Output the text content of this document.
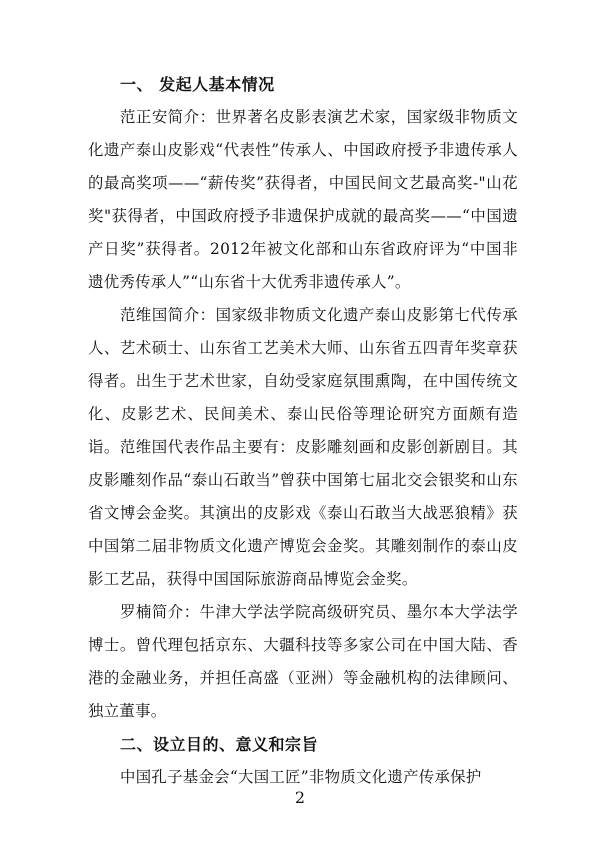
一、 发起人基本情况

范正安简介：世界著名皮影表演艺术家，国家级非物质文化遗产泰山皮影戏“代表性”传承人、中国政府授予非遗传承人的最高奖项——“薪传奖”获得者，中国民间文艺最高奖-"山花奖"获得者，中国政府授予非遗保护成就的最高奖——“中国遗产日奖”获得者。2012年被文化部和山东省政府评为“中国非遗优秀传承人”“山东省十大优秀非遗传承人”。

范维国简介：国家级非物质文化遗产泰山皮影第七代传承人、艺术硕士、山东省工艺美术大师、山东省五四青年奖章获得者。出生于艺术世家，自幼受家庭氛围熏陶，在中国传统文化、皮影艺术、民间美术、泰山民俗等理论研究方面颇有造诣。范维国代表作品主要有：皮影雕刻画和皮影创新剧目。其皮影雕刻作品“泰山石敢当”曾获中国第七届北交会银奖和山东省文博会金奖。其演出的皮影戏《泰山石敢当大战恶狼精》获中国第二届非物质文化遗产博览会金奖。其雕刻制作的泰山皮影工艺品，获得中国国际旅游商品博览会金奖。

罗楠简介：牛津大学法学院高级研究员、墨尔本大学法学博士。曾代理包括京东、大疆科技等多家公司在中国大陆、香港的金融业务，并担任高盛（亚洲）等金融机构的法律顾问、独立董事。

二、设立目的、意义和宗旨

中国孔子基金会“大国工匠”非物质文化遗产传承保护

2
